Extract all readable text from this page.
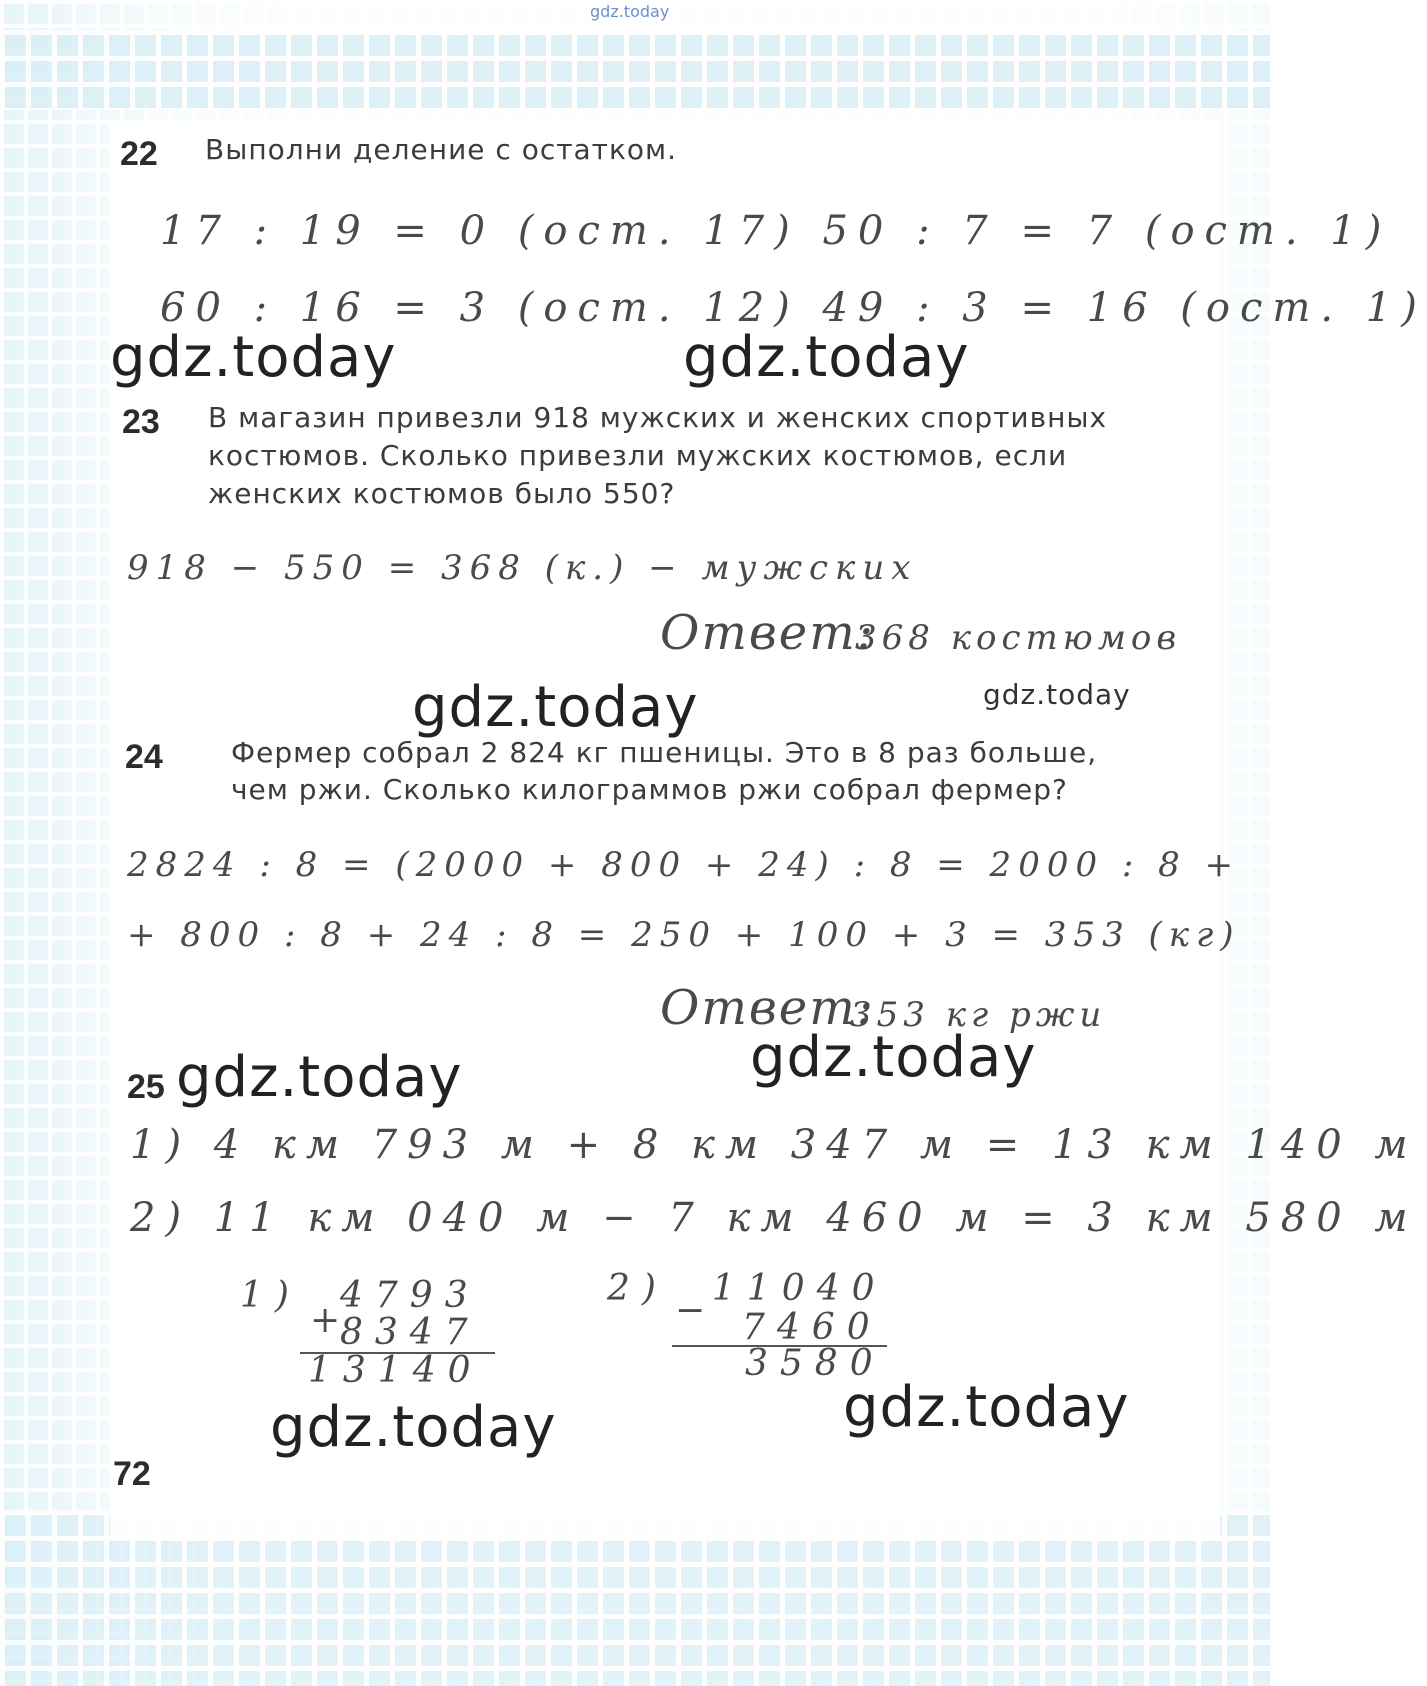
gdz.today
22 Выполни деление с остатком.
17 : 19 = 0 (ост. 17) 50 : 7 = 7 (ост. 1)
60 : 16 = 3 (ост. 12) 49 : 3 = 16 (ост. 1)
gdz.today	gdz.today
23 В магазин привезли 918 мужских и женских спортивных
костюмов. Сколько привезли мужских костюмов, если
женских костюмов было 550?
918 − 550 = 368 (к.) − мужских
Ответ:
368 костюмов
gdz.today	gdz.today
24 Фермер собрал 2 824 кг пшеницы. Это в 8 раз больше,
чем ржи. Сколько килограммов ржи собрал фермер?
2824 : 8 = (2000 + 800 + 24) : 8 = 2000 : 8 +
+ 800 : 8 + 24 : 8 = 250 + 100 + 3 = 353 (кг)
Ответ:
353 кг ржи
gdz.today
25 gdz.today
1) 4 км 793 м + 8 км 347 м = 13 км 140 м
2) 11 км 040 м − 7 км 460 м = 3 км 580 м
1) 4793
+ 8347
13140
2) 11040
− 7460
3580
gdz.today
gdz.today
72
